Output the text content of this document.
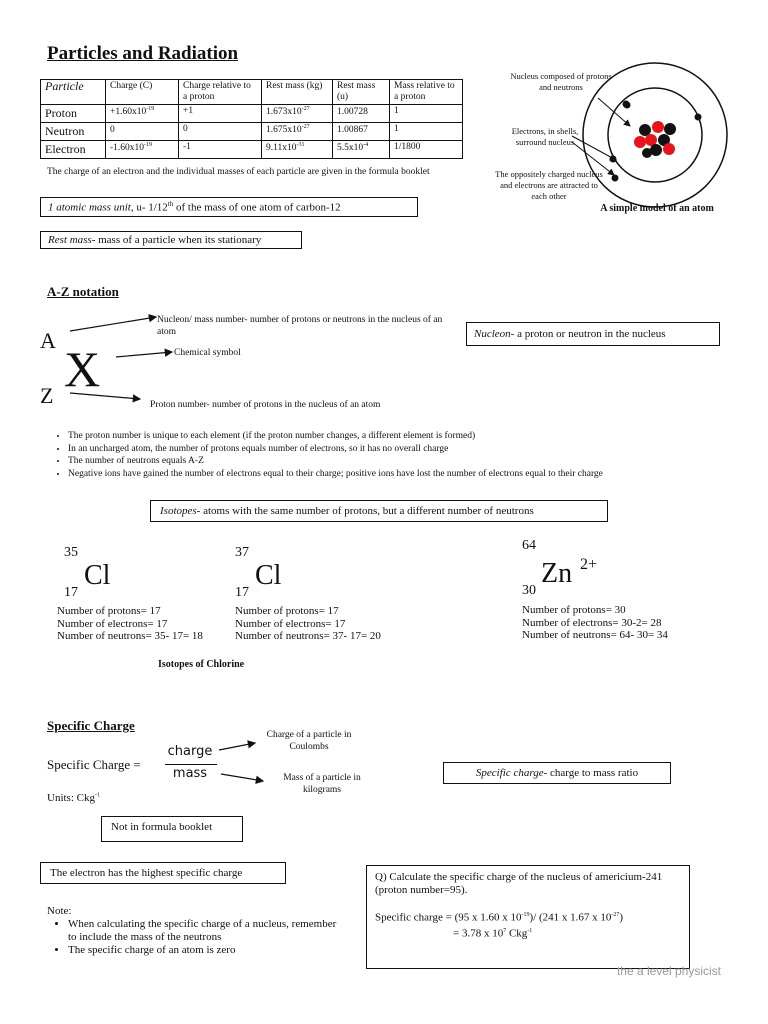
Particles and Radiation
Particle	Charge (C)	Charge relative to a proton	Rest mass (kg)	Rest mass (u)	Mass relative to a proton
Proton	$+1.60x10^{-19}$	+1	$1.673x10^{-27}$	1.00728	1
Neutron	0	0	$1.675x10^{-27}$	1.00867	1
Electron	$-1.60x10^{-19}$	-1	$9.11x10^{-31}$	$5.5x10^{-4}$	1/1800
The charge of an electron and the individual masses of each particle are given in the formula booklet
1 atomic mass unit, u- 1/12th of the mass of one atom of carbon-12
Rest mass- mass of a particle when its stationary
Nucleus composed of protons and neutrons
Electrons, in shells, surround nucleus
The oppositely charged nucleus and electrons are attracted to each other
A simple model of an atom
A-Z notation
A
Z X
Nucleon/ mass number- number of protons or neutrons in the nucleus of an atom
Chemical symbol
Proton number- number of protons in the nucleus of an atom
Nucleon- a proton or neutron in the nucleus
• The proton number is unique to each element (if the proton number changes, a different element is formed)
• In an uncharged atom, the number of protons equals number of electrons, so it has no overall charge
• The number of neutrons equals A-Z
• Negative ions have gained the number of electrons equal to their charge; positive ions have lost the number of electrons equal to their charge
Isotopes- atoms with the same number of protons, but a different number of neutrons
35
17
Cl
Number of protons= 17
Number of electrons= 17
Number of neutrons= 35- 17= 18
37
17
Cl
Number of protons= 17
Number of electrons= 17
Number of neutrons= 37- 17= 20
64
30
Zn 2+
Number of protons= 30
Number of electrons= 30-2= 28
Number of neutrons= 64- 30= 34
Isotopes of Chlorine
Specific Charge
Specific Charge =
charge
mass
Charge of a particle in Coulombs
Mass of a particle in kilograms
Units: Ckg$^{-1}$
Specific charge- charge to mass ratio
Not in formula booklet
The electron has the highest specific charge
Note:
• When calculating the specific charge of a nucleus, remember to include the mass of the neutrons
• The specific charge of an atom is zero
Q) Calculate the specific charge of the nucleus of americium-241 (proton number=95).
Specific charge = (95 x 1.60 x $10^{-19})/$ (241 x 1.67 x $10^{-27}$)
= 3.78 x $10^7$ Ckg$^{-1}$
the a level physicist
